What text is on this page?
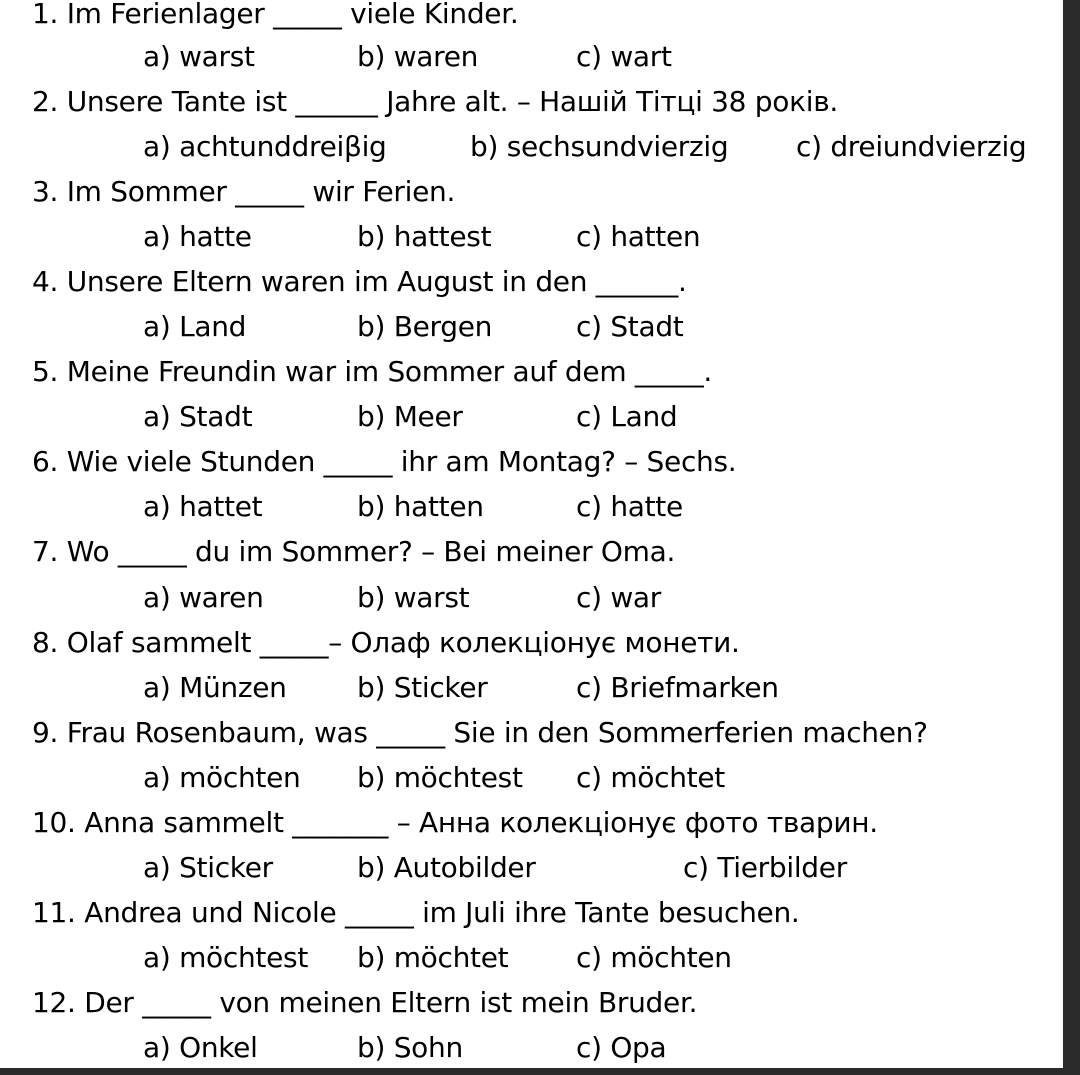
1. Im Ferienlager _____ viele Kinder.
a) warst	b) waren	c) wart
2. Unsere Tante ist ______ Jahre alt. – Нашій Тітці 38 років.
a) achtunddreiβig	b) sechsundvierzig c) dreiundvierzig
3. Im Sommer _____ wir Ferien.
a) hatte	b) hattest	c) hatten
4. Unsere Eltern waren im August in den ______.
a) Land	b) Bergen	c) Stadt
5. Meine Freundin war im Sommer auf dem _____.
a) Stadt	b) Meer	c) Land
6. Wie viele Stunden _____ ihr am Montag? – Sechs.
a) hattet	b) hatten	c) hatte
7. Wo _____ du im Sommer? – Bei meiner Oma.
a) waren	b) warst	c) war
8. Olaf sammelt _____– Олаф колекціонує монети.
a) Münzen	b) Sticker	c) Briefmarken
9. Frau Rosenbaum, was _____ Sie in den Sommerferien machen?
a) möchten b) möchtest c) möchtet
10. Anna sammelt _______ – Анна колекціонує фото тварин.
a) Sticker	b) Autobilder	c) Tierbilder
11. Andrea und Nicole _____ im Juli ihre Tante besuchen.
a) möchtest b) möchtet c) möchten
12. Der _____ von meinen Eltern ist mein Bruder.
a) Onkel	b) Sohn	c) Opa
